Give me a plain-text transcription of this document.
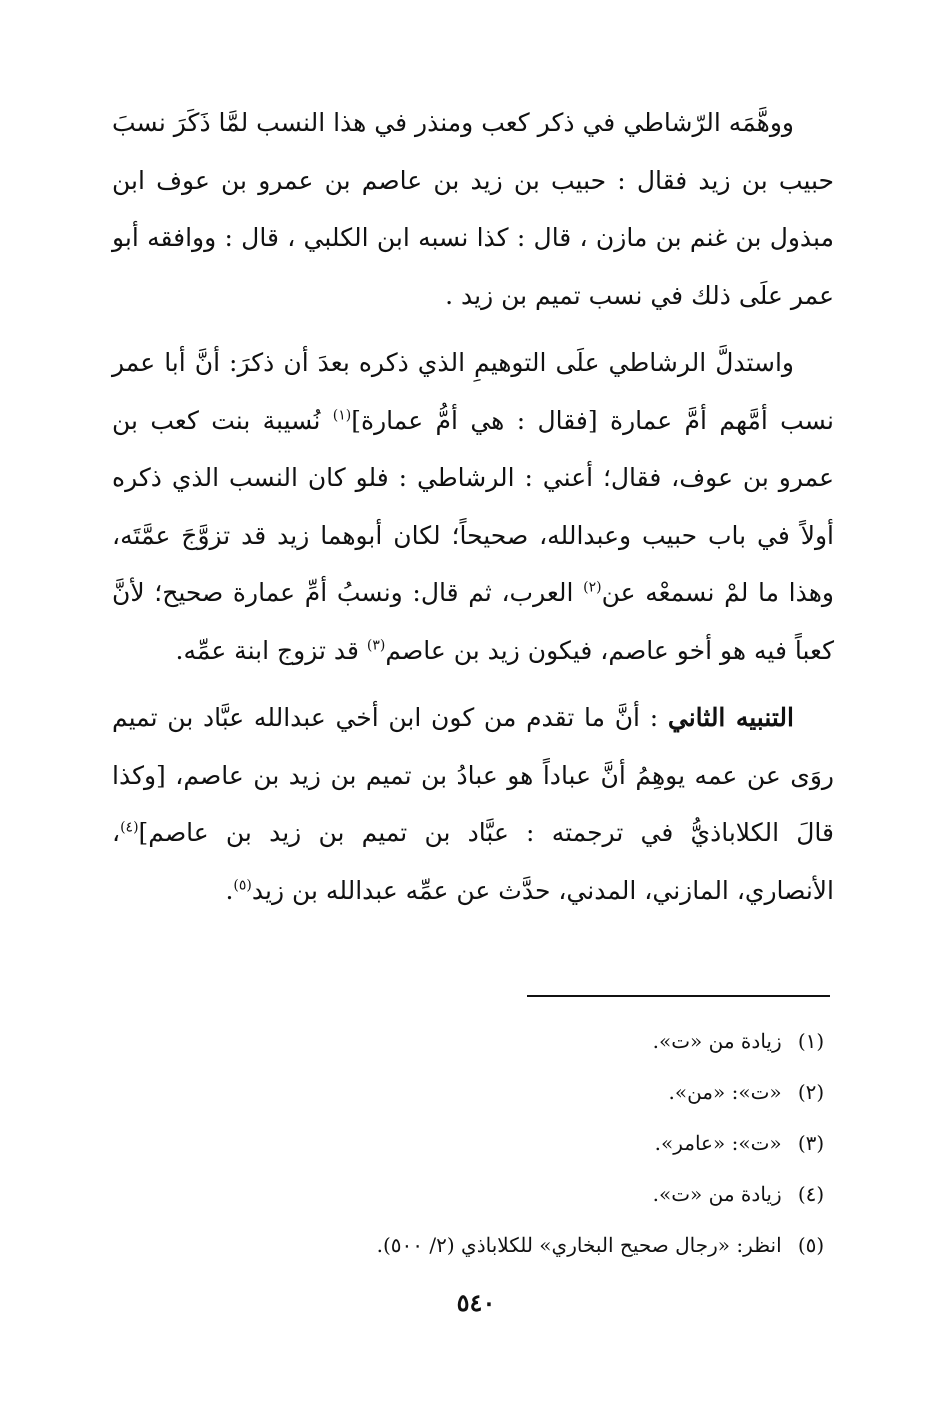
ووهَّمَه الرّشاطي في ذكر كعب ومنذر في هذا النسب لمَّا ذَكَرَ نسبَ حبيب بن زيد فقال : حبيب بن زيد بن عاصم بن عمرو بن عوف ابن مبذول بن غنم بن مازن ، قال : كذا نسبه ابن الكلبي ، قال : ووافقه أبو عمر علَى ذلك في نسب تميم بن زيد .

واستدلَّ الرشاطي علَى التوهيمِ الذي ذكره بعدَ أن ذكرَ: أنَّ أبا عمر نسب أمَّهم أمَّ عمارة [فقال : هي أمُّ عمارة]$^{(١)}$ نُسيبة بنت كعب بن عمرو بن عوف، فقال؛ أعني : الرشاطي : فلو كان النسب الذي ذكره أولاً في باب حبيب وعبدالله، صحيحاً؛ لكان أبوهما زيد قد تزوَّجَ عمَّتَه، وهذا ما لمْ نسمعْه عن$^{(٢)}$ العرب، ثم قال: ونسبُ أمِّ عمارة صحيح؛ لأنَّ كعباً فيه هو أخو عاصم، فيكون زيد بن عاصم$^{(٣)}$ قد تزوج ابنة عمِّه.

التنبيه الثاني : أنَّ ما تقدم من كون ابن أخي عبدالله عبَّاد بن تميم روَى عن عمه يوهِمُ أنَّ عباداً هو عبادُ بن تميم بن زيد بن عاصم، [وكذا قالَ الكلاباذيُّ في ترجمته : عبَّاد بن تميم بن زيد بن عاصم]$^{(٤)}$، الأنصاري، المازني، المدني، حدَّث عن عمِّه عبدالله بن زيد$^{(٥)}$.

(١) زيادة من «ت».
(٢) «ت»: «من».
(٣) «ت»: «عامر».
(٤) زيادة من «ت».
(٥) انظر: «رجال صحيح البخاري» للكلاباذي (٢/ ٥٠٠).
٥٤٠
